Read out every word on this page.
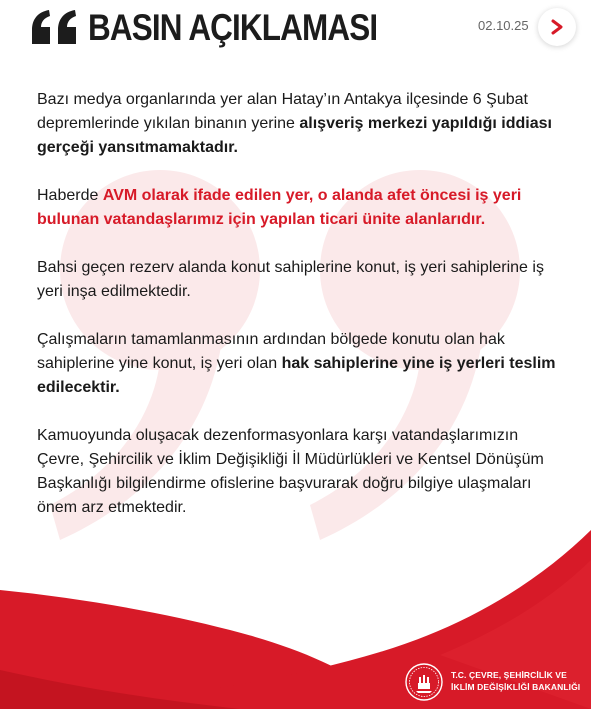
BASIN AÇIKLAMASI	02.10.25

Bazı medya organlarında yer alan Hatay’ın Antakya ilçesinde 6 Şubat depremlerinde yıkılan binanın yerine alışveriş merkezi yapıldığı iddiası gerçeği yansıtmamaktadır.

Haberde AVM olarak ifade edilen yer, o alanda afet öncesi iş yeri bulunan vatandaşlarımız için yapılan ticari ünite alanlarıdır.

Bahsi geçen rezerv alanda konut sahiplerine konut, iş yeri sahiplerine iş yeri inşa edilmektedir.

Çalışmaların tamamlanmasının ardından bölgede konutu olan hak sahiplerine yine konut, iş yeri olan hak sahiplerine yine iş yerleri teslim edilecektir.

Kamuoyunda oluşacak dezenformasyonlara karşı vatandaşlarımızın Çevre, Şehircilik ve İklim Değişikliği İl Müdürlükleri ve Kentsel Dönüşüm Başkanlığı bilgilendirme ofislerine başvurarak doğru bilgiye ulaşmaları önem arz etmektedir.

T.C. ÇEVRE, ŞEHİRCİLİK VE
İKLİM DEĞİŞİKLİĞİ BAKANLIĞI
